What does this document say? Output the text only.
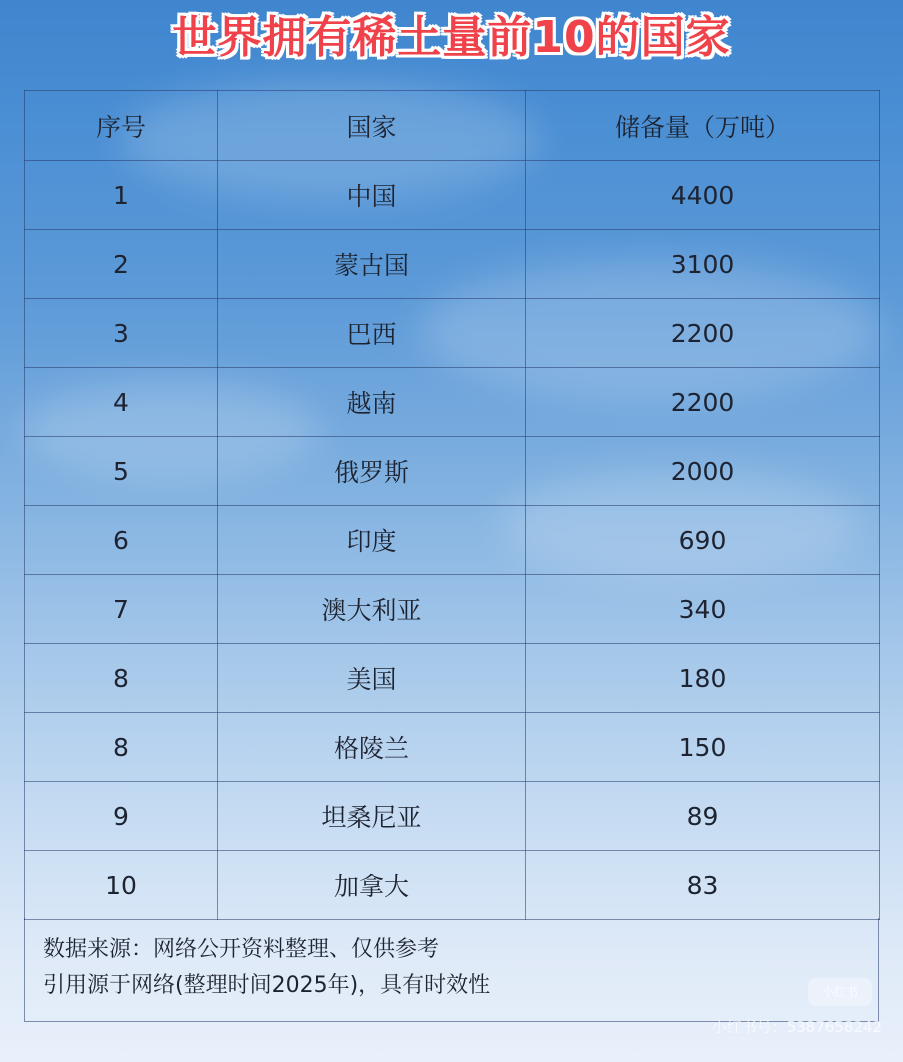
世界拥有稀土量前10的国家
序号	国家	储备量（万吨）
1	中国	4400
2	蒙古国	3100
3	巴西	2200
4	越南	2200
5	俄罗斯	2000
6	印度	690
7	澳大利亚	340
8	美国	180
8	格陵兰	150
9	坦桑尼亚	89
10	加拿大	83
数据来源：网络公开资料整理、仅供参考
引用源于网络(整理时间2025年)，具有时效性	小红书
小红书号：5387658242
